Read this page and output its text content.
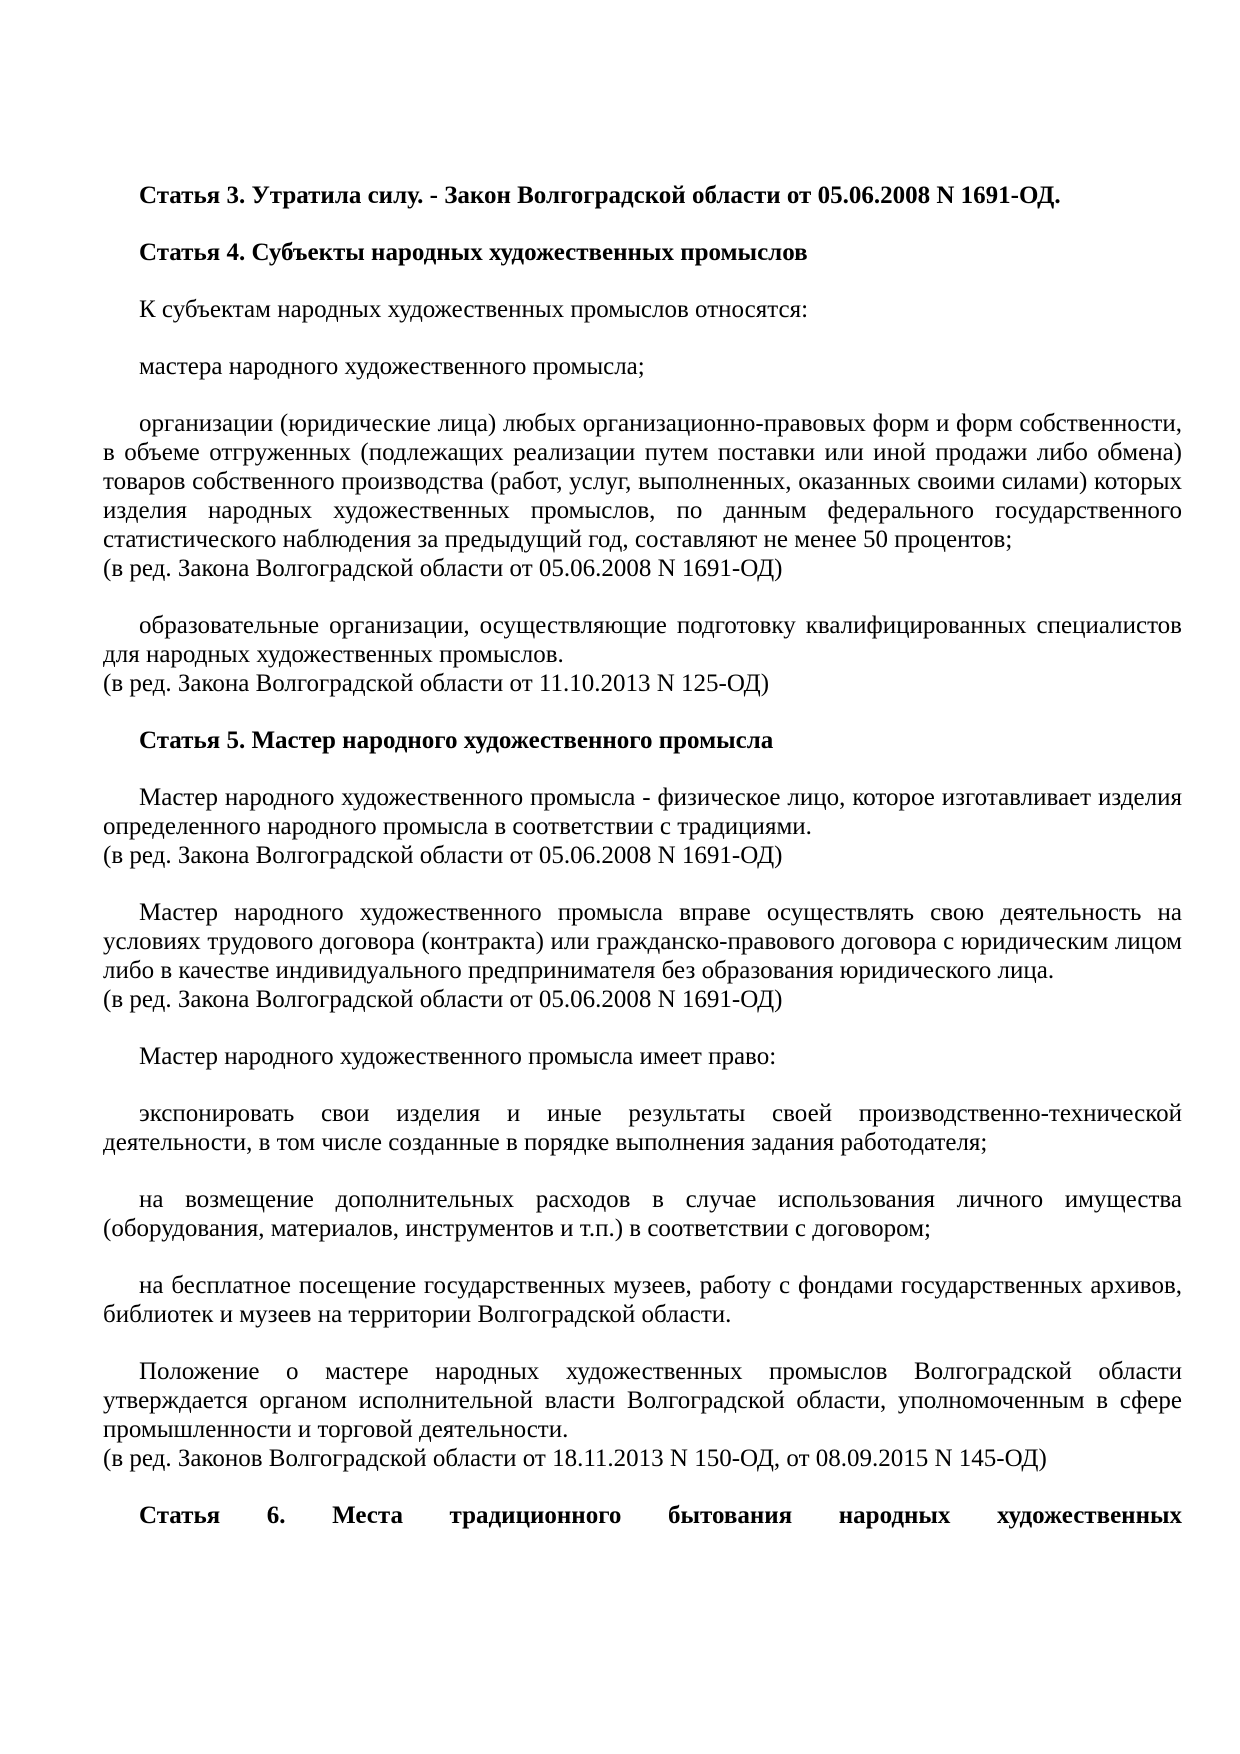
Статья 3. Утратила силу. - Закон Волгоградской области от 05.06.2008 N 1691-ОД.
Статья 4. Субъекты народных художественных промыслов
К субъектам народных художественных промыслов относятся:
мастера народного художественного промысла;
организации (юридические лица) любых организационно-правовых форм и форм собственности, в объеме отгруженных (подлежащих реализации путем поставки или иной продажи либо обмена) товаров собственного производства (работ, услуг, выполненных, оказанных своими силами) которых изделия народных художественных промыслов, по данным федерального государственного статистического наблюдения за предыдущий год, составляют не менее 50 процентов;
(в ред. Закона Волгоградской области от 05.06.2008 N 1691-ОД)
образовательные организации, осуществляющие подготовку квалифицированных специалистов для народных художественных промыслов.
(в ред. Закона Волгоградской области от 11.10.2013 N 125-ОД)
Статья 5. Мастер народного художественного промысла
Мастер народного художественного промысла - физическое лицо, которое изготавливает изделия определенного народного промысла в соответствии с традициями.
(в ред. Закона Волгоградской области от 05.06.2008 N 1691-ОД)
Мастер народного художественного промысла вправе осуществлять свою деятельность на условиях трудового договора (контракта) или гражданско-правового договора с юридическим лицом либо в качестве индивидуального предпринимателя без образования юридического лица.
(в ред. Закона Волгоградской области от 05.06.2008 N 1691-ОД)
Мастер народного художественного промысла имеет право:
экспонировать свои изделия и иные результаты своей производственно-технической деятельности, в том числе созданные в порядке выполнения задания работодателя;
на возмещение дополнительных расходов в случае использования личного имущества (оборудования, материалов, инструментов и т.п.) в соответствии с договором;
на бесплатное посещение государственных музеев, работу с фондами государственных архивов, библиотек и музеев на территории Волгоградской области.
Положение о мастере народных художественных промыслов Волгоградской области утверждается органом исполнительной власти Волгоградской области, уполномоченным в сфере промышленности и торговой деятельности.
(в ред. Законов Волгоградской области от 18.11.2013 N 150-ОД, от 08.09.2015 N 145-ОД)
Статья 6. Места традиционного бытования народных художественных
